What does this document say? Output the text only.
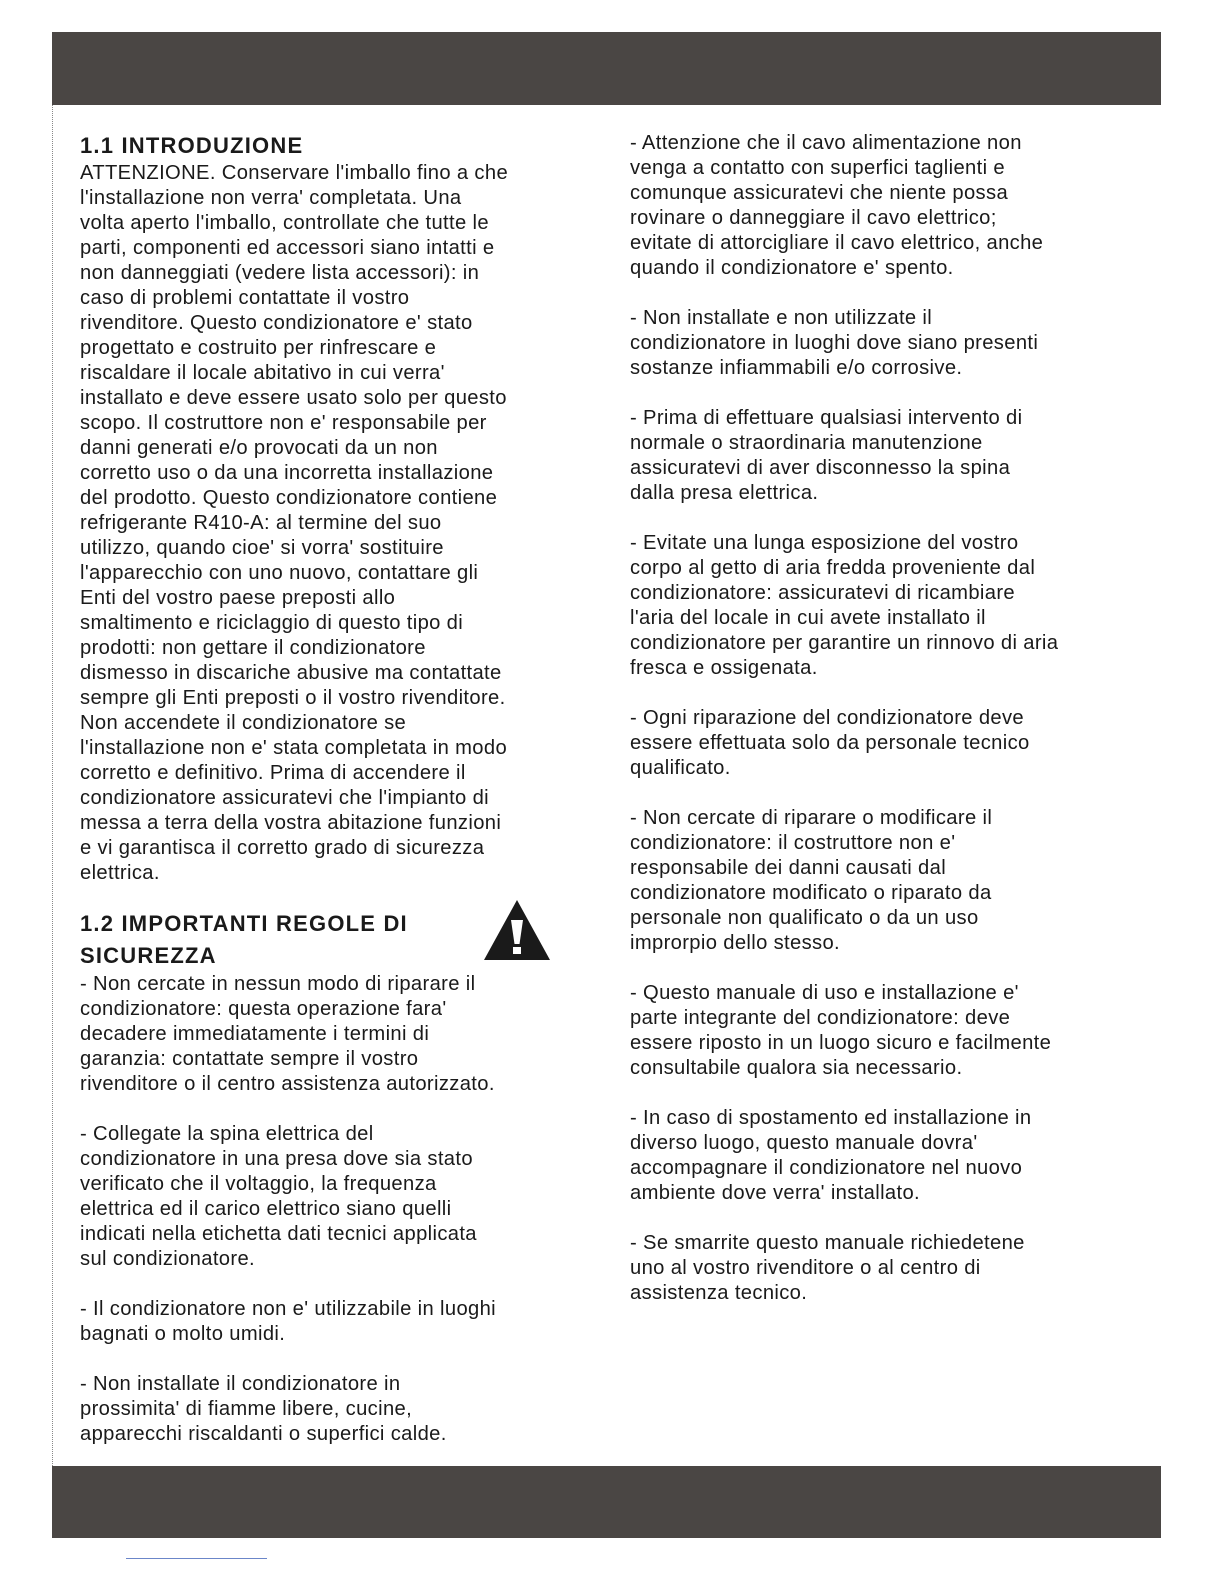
1.1 INTRODUZIONE

ATTENZIONE. Conservare l'imballo fino a che
l'installazione non verra' completata. Una
volta aperto l'imballo, controllate che tutte le
parti, componenti ed accessori siano intatti e
non danneggiati (vedere lista accessori): in
caso di problemi contattate il vostro
rivenditore. Questo condizionatore e' stato
progettato e costruito per rinfrescare e
riscaldare il locale abitativo in cui verra'
installato e deve essere usato solo per questo
scopo. Il costruttore non e' responsabile per
danni generati e/o provocati da un non
corretto uso o da una incorretta installazione
del prodotto. Questo condizionatore contiene
refrigerante R410-A: al termine del suo
utilizzo, quando cioe' si vorra' sostituire
l'apparecchio con uno nuovo, contattare gli
Enti del vostro paese preposti allo
smaltimento e riciclaggio di questo tipo di
prodotti: non gettare il condizionatore
dismesso in discariche abusive ma contattate
sempre gli Enti preposti o il vostro rivenditore.
Non accendete il condizionatore se
l'installazione non e' stata completata in modo
corretto e definitivo. Prima di accendere il
condizionatore assicuratevi che l'impianto di
messa a terra della vostra abitazione funzioni
e vi garantisca il corretto grado di sicurezza
elettrica.

1.2 IMPORTANTI REGOLE DI SICUREZZA

- Non cercate in nessun modo di riparare il
condizionatore: questa operazione fara'
decadere immediatamente i termini di
garanzia: contattate sempre il vostro
rivenditore o il centro assistenza autorizzato.

- Collegate la spina elettrica del
condizionatore in una presa dove sia stato
verificato che il voltaggio, la frequenza
elettrica ed il carico elettrico siano quelli
indicati nella etichetta dati tecnici applicata
sul condizionatore.

- Il condizionatore non e' utilizzabile in luoghi
bagnati o molto umidi.

- Non installate il condizionatore in
prossimita' di fiamme libere, cucine,
apparecchi riscaldanti o superfici calde.

- Attenzione che il cavo alimentazione non
venga a contatto con superfici taglienti e
comunque assicuratevi che niente possa
rovinare o danneggiare il cavo elettrico;
evitate di attorcigliare il cavo elettrico, anche
quando il condizionatore e' spento.

- Non installate e non utilizzate il
condizionatore in luoghi dove siano presenti
sostanze infiammabili e/o corrosive.

- Prima di effettuare qualsiasi intervento di
normale o straordinaria manutenzione
assicuratevi di aver disconnesso la spina
dalla presa elettrica.

- Evitate una lunga esposizione del vostro
corpo al getto di aria fredda proveniente dal
condizionatore: assicuratevi di ricambiare
l'aria del locale in cui avete installato il
condizionatore per garantire un rinnovo di aria
fresca e ossigenata.

- Ogni riparazione del condizionatore deve
essere effettuata solo da personale tecnico
qualificato.

- Non cercate di riparare o modificare il
condizionatore: il costruttore non e'
responsabile dei danni causati dal
condizionatore modificato o riparato da
personale non qualificato o da un uso
improrpio dello stesso.

- Questo manuale di uso e installazione e'
parte integrante del condizionatore: deve
essere riposto in un luogo sicuro e facilmente
consultabile qualora sia necessario.

- In caso di spostamento ed installazione in
diverso luogo, questo manuale dovra'
accompagnare il condizionatore nel nuovo
ambiente dove verra' installato.

- Se smarrite questo manuale richiedetene
uno al vostro rivenditore o al centro di
assistenza tecnico.
